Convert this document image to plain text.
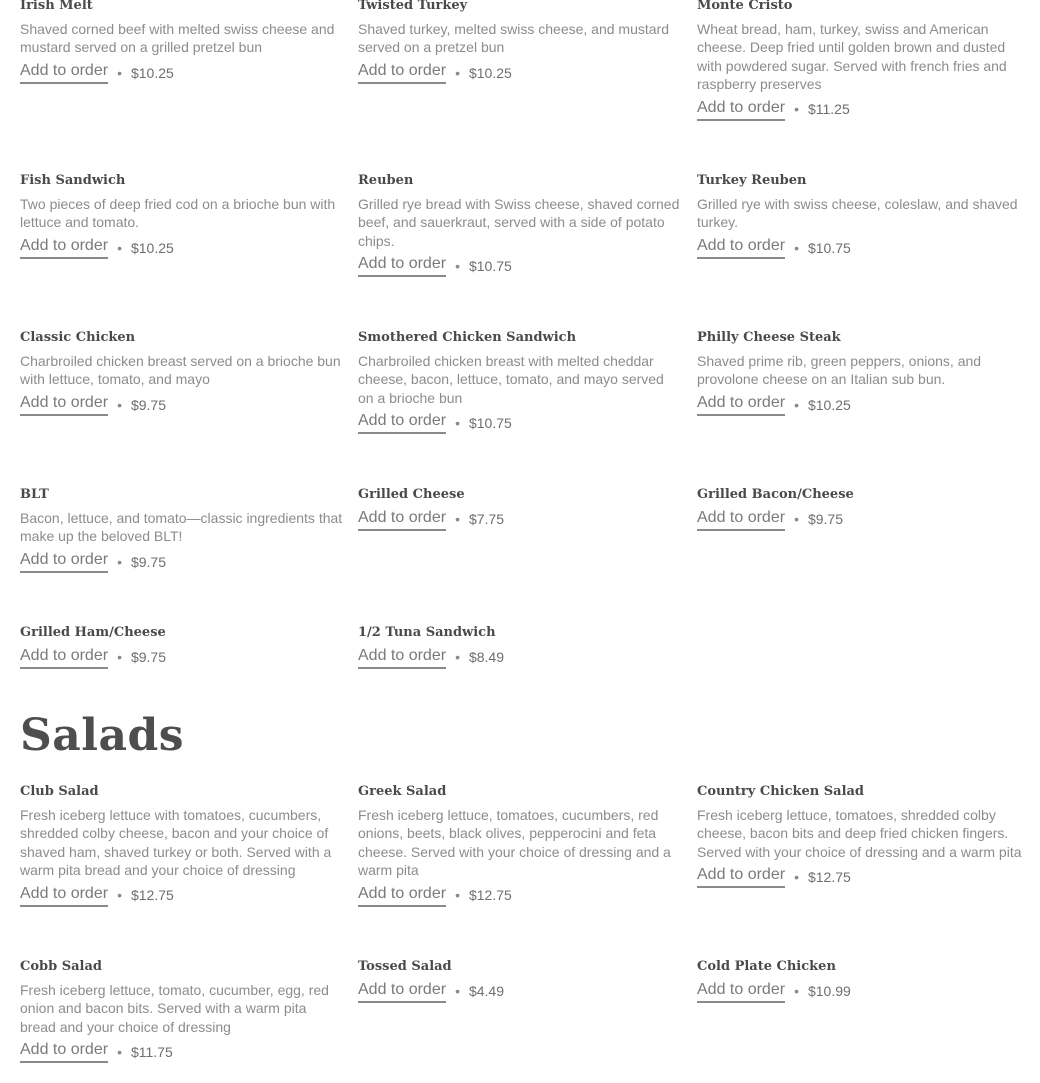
Irish Melt
Shaved corned beef with melted swiss cheese and mustard served on a grilled pretzel bun
Add to order • $10.25
Twisted Turkey
Shaved turkey, melted swiss cheese, and mustard served on a pretzel bun
Add to order • $10.25
Monte Cristo
Wheat bread, ham, turkey, swiss and American cheese. Deep fried until golden brown and dusted with powdered sugar. Served with french fries and raspberry preserves
Add to order • $11.25
Fish Sandwich
Two pieces of deep fried cod on a brioche bun with lettuce and tomato.
Add to order • $10.25
Reuben
Grilled rye bread with Swiss cheese, shaved corned beef, and sauerkraut, served with a side of potato chips.
Add to order • $10.75
Turkey Reuben
Grilled rye with swiss cheese, coleslaw, and shaved turkey.
Add to order • $10.75
Classic Chicken
Charbroiled chicken breast served on a brioche bun with lettuce, tomato, and mayo
Add to order • $9.75
Smothered Chicken Sandwich
Charbroiled chicken breast with melted cheddar cheese, bacon, lettuce, tomato, and mayo served on a brioche bun
Add to order • $10.75
Philly Cheese Steak
Shaved prime rib, green peppers, onions, and provolone cheese on an Italian sub bun.
Add to order • $10.25
BLT
Bacon, lettuce, and tomato—classic ingredients that make up the beloved BLT!
Add to order • $9.75
Grilled Cheese
Add to order • $7.75
Grilled Bacon/Cheese
Add to order • $9.75
Grilled Ham/Cheese
Add to order • $9.75
1/2 Tuna Sandwich
Add to order • $8.49
Salads
Club Salad
Fresh iceberg lettuce with tomatoes, cucumbers, shredded colby cheese, bacon and your choice of shaved ham, shaved turkey or both. Served with a warm pita bread and your choice of dressing
Add to order • $12.75
Greek Salad
Fresh iceberg lettuce, tomatoes, cucumbers, red onions, beets, black olives, pepperocini and feta cheese. Served with your choice of dressing and a warm pita
Add to order • $12.75
Country Chicken Salad
Fresh iceberg lettuce, tomatoes, shredded colby cheese, bacon bits and deep fried chicken fingers. Served with your choice of dressing and a warm pita
Add to order • $12.75
Cobb Salad
Fresh iceberg lettuce, tomato, cucumber, egg, red onion and bacon bits. Served with a warm pita bread and your choice of dressing
Add to order • $11.75
Tossed Salad
Add to order • $4.49
Cold Plate Chicken
Add to order • $10.99
